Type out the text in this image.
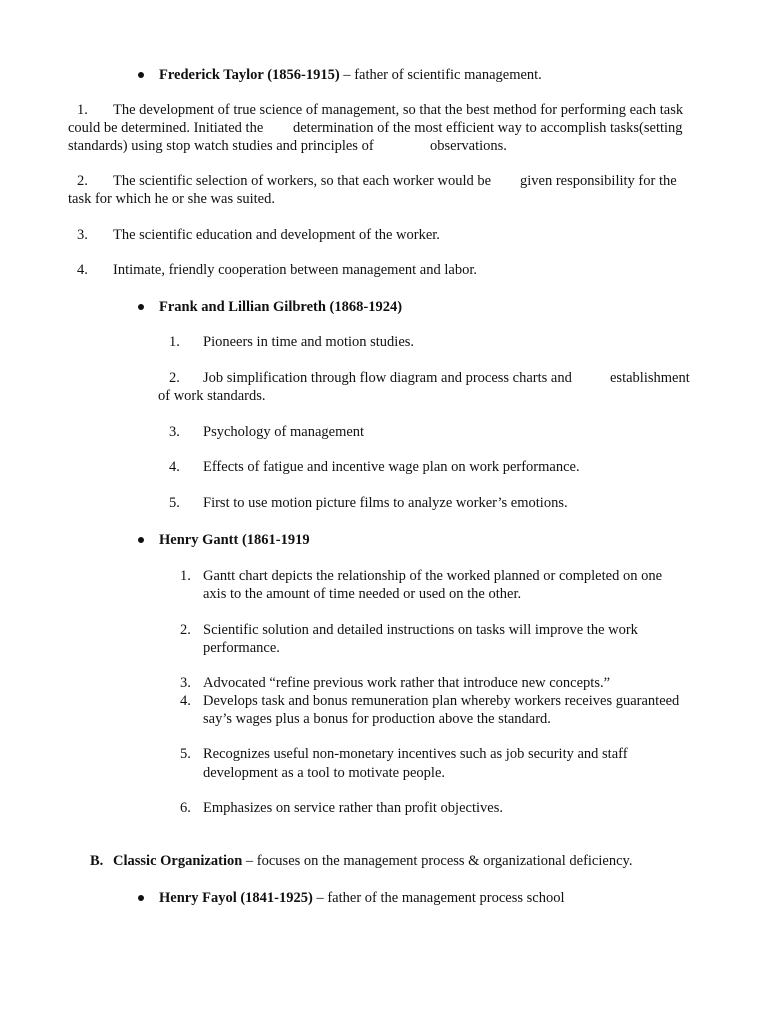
Frederick Taylor (1856-1915) – father of scientific management.
1. The development of true science of management, so that the best method for performing each task
could be determined. Initiated the determination of the most efficient way to accomplish tasks(setting
standards) using stop watch studies and principles of	observations.
2. The scientific selection of workers, so that each worker would be given responsibility for the
task for which he or she was suited.
3. The scientific education and development of the worker.
4. Intimate, friendly cooperation between management and labor.
Frank and Lillian Gilbreth (1868-1924)
1. Pioneers in time and motion studies.
2. Job simplification through flow diagram and process charts and	establishment
of work standards.
3. Psychology of management
4. Effects of fatigue and incentive wage plan on work performance.
5. First to use motion picture films to analyze worker’s emotions.
Henry Gantt (1861-1919
1. Gantt chart depicts the relationship of the worked planned or completed on one
axis to the amount of time needed or used on the other.
2. Scientific solution and detailed instructions on tasks will improve the work
performance.
3. Advocated “refine previous work rather that introduce new concepts.”
4. Develops task and bonus remuneration plan whereby workers receives guaranteed
say’s wages plus a bonus for production above the standard.
5. Recognizes useful non-monetary incentives such as job security and staff
development as a tool to motivate people.
6. Emphasizes on service rather than profit objectives.
B. Classic Organization – focuses on the management process & organizational deficiency.
Henry Fayol (1841-1925) – father of the management process school
